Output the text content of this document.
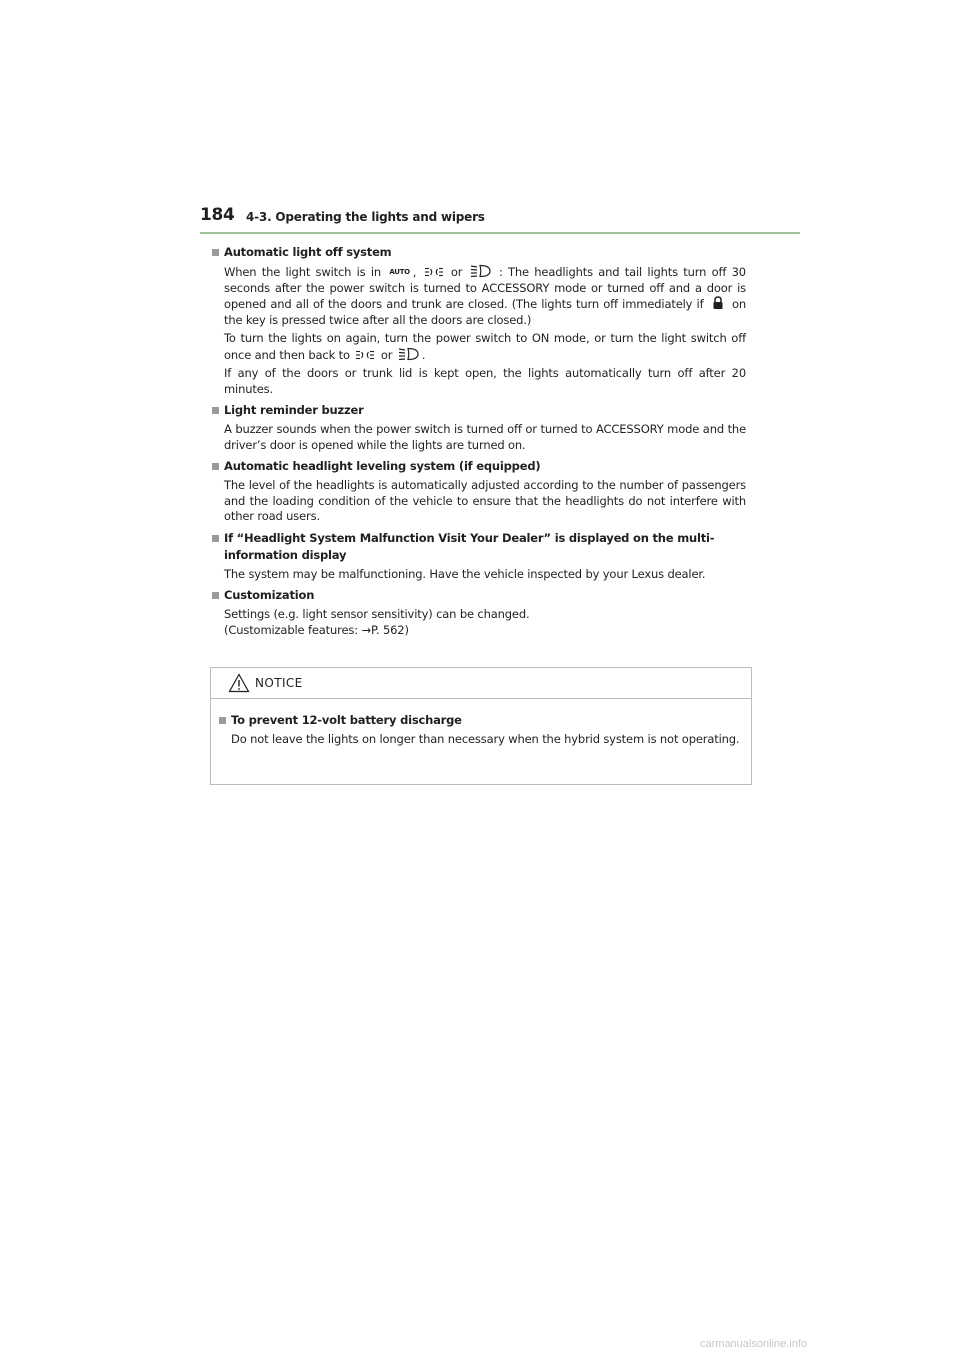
184 4-3. Operating the lights and wipers
Automatic light off system
When the light switch is in AUTO ,	or	: The headlights and tail lights turn off 30 seconds after the power switch is turned to ACCESSORY mode or turned off and a door is opened and all of the doors and trunk are closed. (The lights turn off immediately if on the key is pressed twice after all the doors are closed.)
To turn the lights on again, turn the power switch to ON mode, or turn the light switch off once and then back to	or	.
If any of the doors or trunk lid is kept open, the lights automatically turn off after 20 minutes.
Light reminder buzzer
A buzzer sounds when the power switch is turned off or turned to ACCESSORY mode and the driver’s door is opened while the lights are turned on.
Automatic headlight leveling system (if equipped)
The level of the headlights is automatically adjusted according to the number of passengers and the loading condition of the vehicle to ensure that the headlights do not interfere with other road users.
If “Headlight System Malfunction Visit Your Dealer” is displayed on the multi-information display
The system may be malfunctioning. Have the vehicle inspected by your Lexus dealer.
Customization
Settings (e.g. light sensor sensitivity) can be changed.
(Customizable features: →P. 562)
NOTICE
To prevent 12-volt battery discharge
Do not leave the lights on longer than necessary when the hybrid system is not operating.
carmanualsonline.info
